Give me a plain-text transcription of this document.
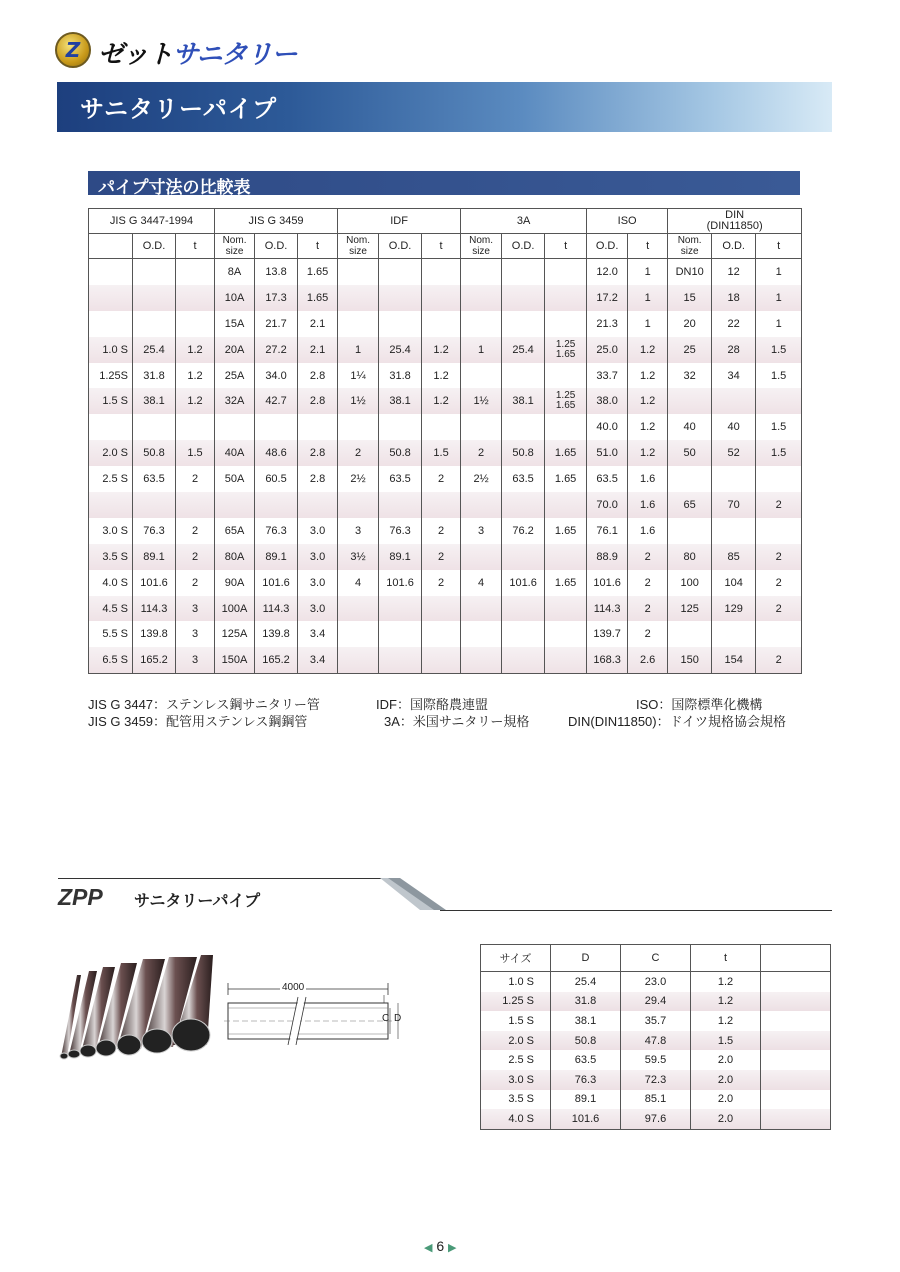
Z ゼットサニタリー
サニタリーパイプ
パイプ寸法の比較表
JIS G 3447-1994			JIS G 3459			IDF			3A			ISO		DIN
(DIN11850)		
	O.D.	t	Nom. size	O.D.	t	Nom. size	O.D.	t	Nom. size	O.D.	t	O.D.	t	Nom. size	O.D.	t
			8A	13.8	1.65							12.0	1	DN10	12	1
			10A	17.3	1.65							17.2	1	15	18	1
			15A	21.7	2.1							21.3	1	20	22	1
1.0 S	25.4	1.2	20A	27.2	2.1	1	25.4	1.2	1	25.4	1.25 1.65	25.0	1.2	25	28	1.5
1.25S	31.8	1.2	25A	34.0	2.8	1¼	31.8	1.2				33.7	1.2	32	34	1.5
1.5 S	38.1	1.2	32A	42.7	2.8	1½	38.1	1.2	1½	38.1	1.25 1.65	38.0	1.2			
												40.0	1.2	40	40	1.5
2.0 S	50.8	1.5	40A	48.6	2.8	2	50.8	1.5	2	50.8	1.65	51.0	1.2	50	52	1.5
2.5 S	63.5	2	50A	60.5	2.8	2½	63.5	2	2½	63.5	1.65	63.5	1.6			
												70.0	1.6	65	70	2
3.0 S	76.3	2	65A	76.3	3.0	3	76.3	2	3	76.2	1.65	76.1	1.6			
3.5 S	89.1	2	80A	89.1	3.0	3½	89.1	2				88.9	2	80	85	2
4.0 S	101.6	2	90A	101.6	3.0	4	101.6	2	4	101.6	1.65	101.6	2	100	104	2
4.5 S	114.3	3	100A	114.3	3.0							114.3	2	125	129	2
5.5 S	139.8	3	125A	139.8	3.4							139.7	2			
6.5 S	165.2	3	150A	165.2	3.4							168.3	2.6	150	154	2
JIS G 3447：ステンレス鋼サニタリー管
JIS G 3459：配管用ステンレス鋼鋼管
IDF：国際酪農連盟
3A：米国サニタリー規格
ISO：国際標準化機構
DIN(DIN11850)：ドイツ規格協会規格
ZPP サニタリーパイプ
4000
C D
サイズ	D	C	t	
1.0 S	25.4	23.0	1.2	
1.25 S	31.8	29.4	1.2	
1.5 S	38.1	35.7	1.2	
2.0 S	50.8	47.8	1.5	
2.5 S	63.5	59.5	2.0	
3.0 S	76.3	72.3	2.0	
3.5 S	89.1	85.1	2.0	
4.0 S	101.6	97.6	2.0	
◀ 6 ▶
